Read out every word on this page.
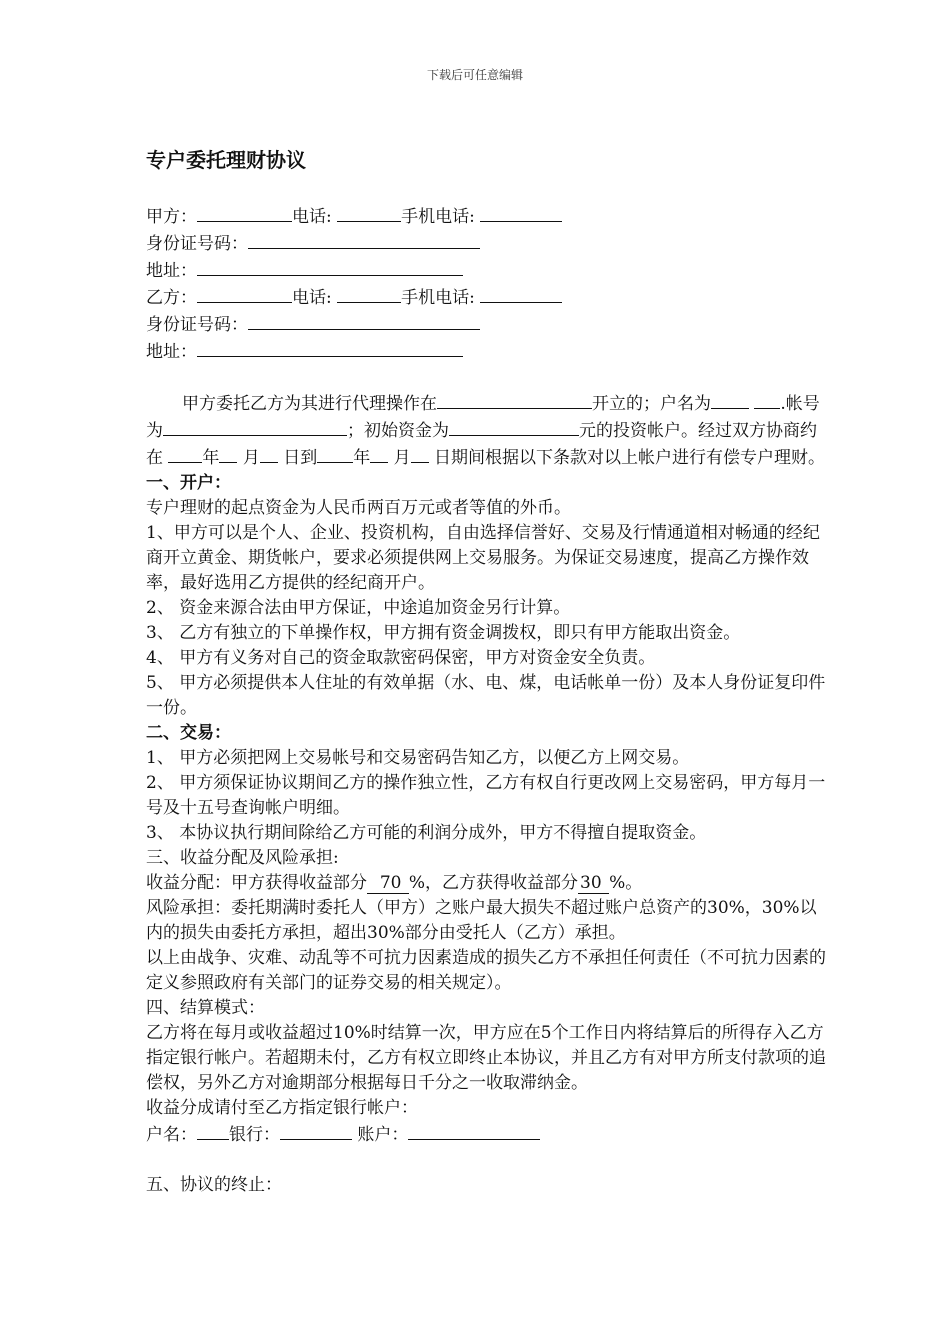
下载后可任意编辑
专户委托理财协议
甲方：	电话:	手机电话:
身份证号码：
地址：
乙方：	电话:	手机电话:
身份证号码：
地址：

甲方委托乙方为其进行代理操作在	开立的；户名为	.帐号为	；初始资金为	元的投资帐户。经过双方协商约在 年 月 日到 年 月 日期间根据以下条款对以上帐户进行有偿专户理财。

一、开户：

专户理财的起点资金为人民币两百万元或者等值的外币。

1、甲方可以是个人、企业、投资机构，自由选择信誉好、交易及行情通道相对畅通的经纪商开立黄金、期货帐户，要求必须提供网上交易服务。为保证交易速度，提高乙方操作效率，最好选用乙方提供的经纪商开户。

2、 资金来源合法由甲方保证，中途追加资金另行计算。

3、 乙方有独立的下单操作权，甲方拥有资金调拨权，即只有甲方能取出资金。

4、 甲方有义务对自己的资金取款密码保密，甲方对资金安全负责。

5、 甲方必须提供本人住址的有效单据（水、电、煤，电话帐单一份）及本人身份证复印件一份。

二、交易：

1、 甲方必须把网上交易帐号和交易密码告知乙方，以便乙方上网交易。

2、 甲方须保证协议期间乙方的操作独立性，乙方有权自行更改网上交易密码，甲方每月一号及十五号查询帐户明细。

3、 本协议执行期间除给乙方可能的利润分成外，甲方不得擅自提取资金。

三、收益分配及风险承担:

收益分配：甲方获得收益部分 70 %，乙方获得收益部分 30 %。

风险承担：委托期满时委托人（甲方）之账户最大损失不超过账户总资产的30%，30%以内的损失由委托方承担，超出30%部分由受托人（乙方）承担。

以上由战争、灾难、动乱等不可抗力因素造成的损失乙方不承担任何责任（不可抗力因素的定义参照政府有关部门的证券交易的相关规定）。

四、结算模式：

乙方将在每月或收益超过10%时结算一次，甲方应在5个工作日内将结算后的所得存入乙方指定银行帐户。若超期未付，乙方有权立即终止本协议，并且乙方有对甲方所支付款项的追偿权，另外乙方对逾期部分根据每日千分之一收取滞纳金。

收益分成请付至乙方指定银行帐户：

户名： 银行：	账户：

五、协议的终止：
